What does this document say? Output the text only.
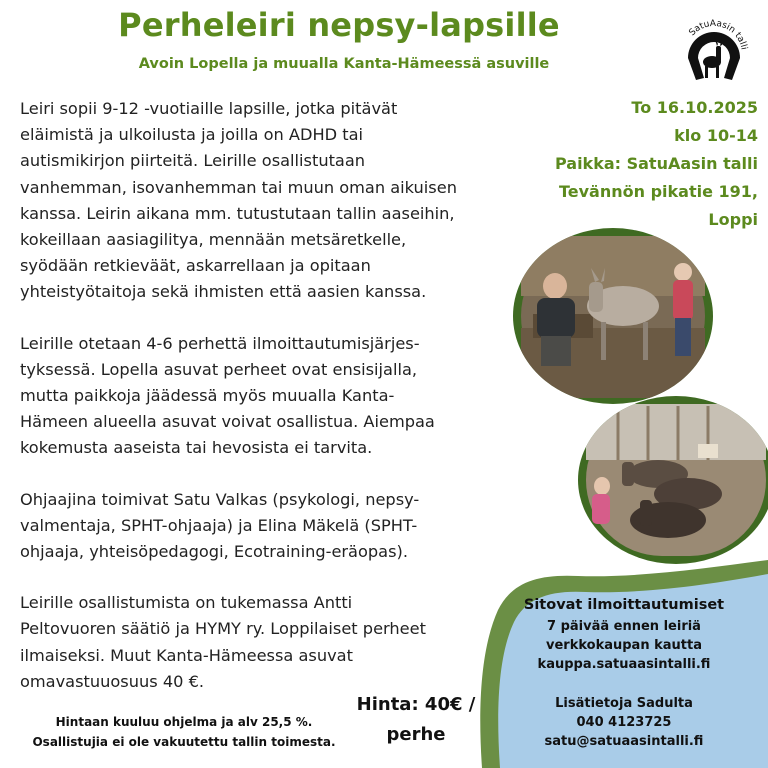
Perheleiri nepsy-lapsille
Avoin Lopella ja muualla Kanta-Hämeessä asuville
SatuAasin talli

Leiri sopii 9-12 -vuotiaille lapsille, jotka pitävät
eläimistä ja ulkoilusta ja joilla on ADHD tai
autismikirjon piirteitä. Leirille osallistutaan
vanhemman, isovanhemman tai muun oman aikuisen
kanssa. Leirin aikana mm. tutustutaan tallin aaseihin,
kokeillaan aasiagilitya, mennään metsäretkelle,
syödään retkieväät, askarrellaan ja opitaan
yhteistyötaitoja sekä ihmisten että aasien kanssa.

Leirille otetaan 4-6 perhettä ilmoittautumisjärjes-
tyksessä. Lopella asuvat perheet ovat ensisijalla,
mutta paikkoja jäädessä myös muualla Kanta-
Hämeen alueella asuvat voivat osallistua. Aiempaa
kokemusta aaseista tai hevosista ei tarvita.

Ohjaajina toimivat Satu Valkas (psykologi, nepsy-
valmentaja, SPHT-ohjaaja) ja Elina Mäkelä (SPHT-
ohjaaja, yhteisöpedagogi, Ecotraining-eräopas).

Leirille osallistumista on tukemassa Antti
Peltovuoren säätiö ja HYMY ry. Loppilaiset perheet
ilmaiseksi. Muut Kanta-Hämeessa asuvat
omavastuuosuus 40 €.

To 16.10.2025
klo 10-14
Paikka: SatuAasin talli
Tevännön pikatie 191,
Loppi
Sitovat ilmoittautumiset
7 päivää ennen leiriä
verkkokaupan kautta
kauppa.satuaasintalli.fi
Lisätietoja Sadulta
040 4123725
satu@satuaasintalli.fi
Hinta: 40€ /
perhe
Hintaan kuuluu ohjelma ja alv 25,5 %.
Osallistujia ei ole vakuutettu tallin toimesta.
